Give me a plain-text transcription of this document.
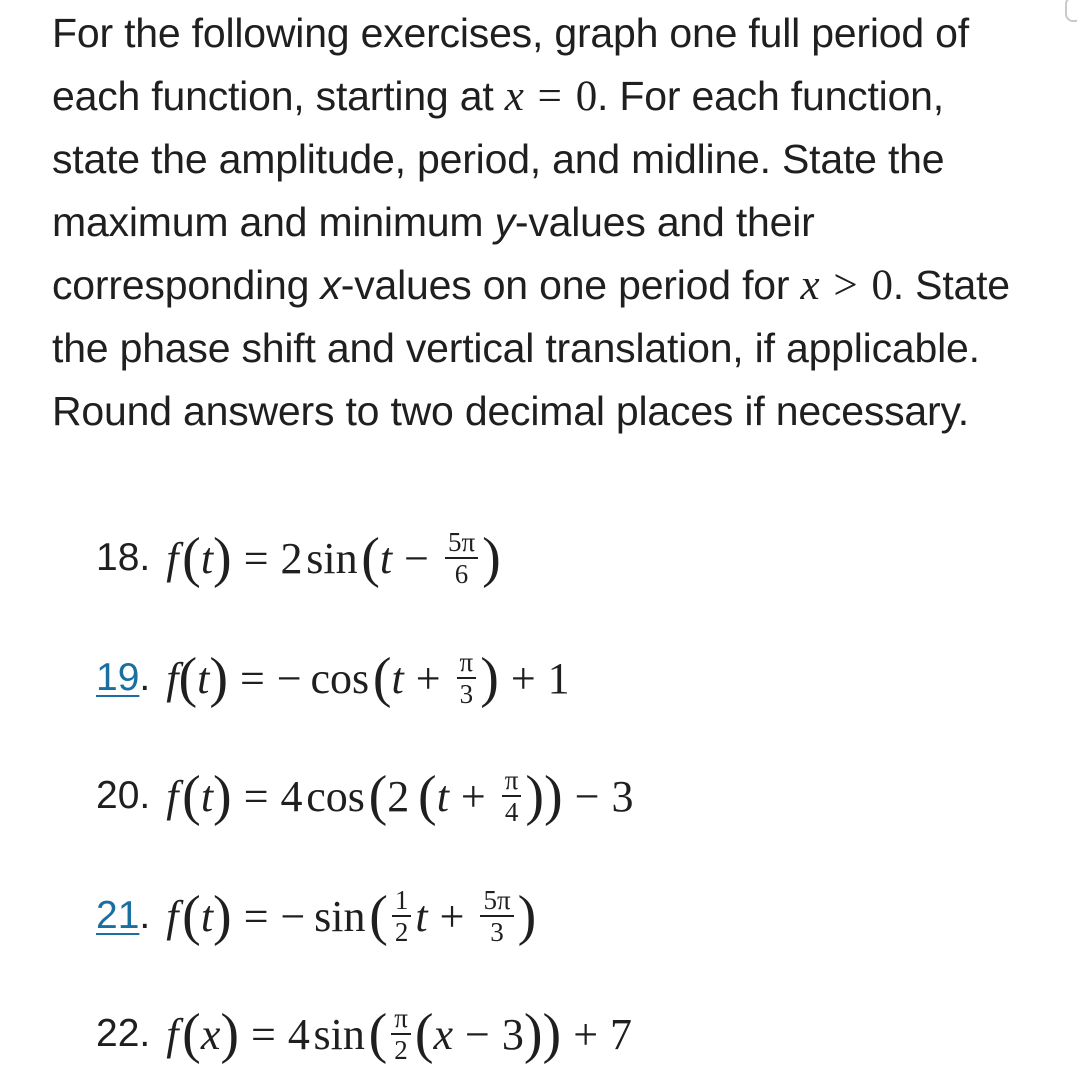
For the following exercises, graph one full period of each function, starting at x = 0. For each function, state the amplitude, period, and midline. State the maximum and minimum y-values and their corresponding x-values on one period for x > 0. State the phase shift and vertical translation, if applicable. Round answers to two decimal places if necessary.

18. f
  ( t ) = 2
  sin
  ( $t - \frac{5\pi}{6}$ )
19. f ( t ) = −
  cos
  ( $t + \frac{\pi}{3}$ ) + 1
20. f
  ( t ) = 4
  cos
  ( 2
  ( $t + \frac{\pi}{4}$ ) ) − 3
21. f
  ( t ) = −
  sin
  ( $\frac{1}{2}$ $t + \frac{5\pi}{3}$ )
22. f
  ( x ) = 4
  sin
  ( $\frac{\pi}{2}$ ( x − 3 ) ) + 7
